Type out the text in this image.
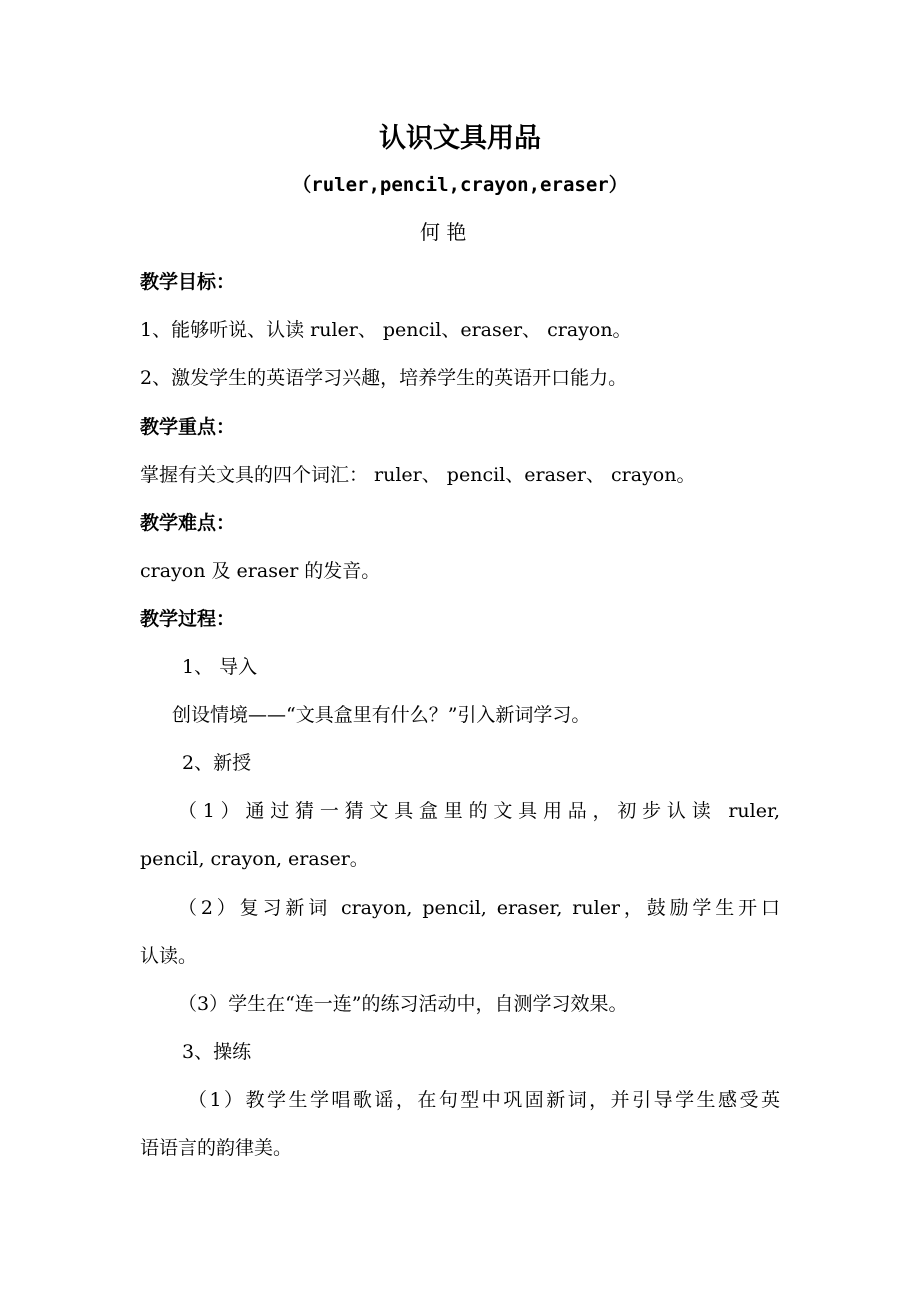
认识文具用品
（ruler,pencil,crayon,eraser）
何 艳
教学目标：
1、能够听说、认读 ruler、 pencil、eraser、 crayon。
2、激发学生的英语学习兴趣，培养学生的英语开口能力。
教学重点：
掌握有关文具的四个词汇： ruler、 pencil、eraser、 crayon。
教学难点：
crayon 及 eraser 的发音。
教学过程：
1、 导入
创设情境——“文具盒里有什么？”引入新词学习。
2、新授
（1）通过猜一猜文具盒里的文具用品，初步认读 ruler,
pencil, crayon, eraser。
（2）复习新词 crayon, pencil, eraser, ruler，鼓励学生开口
认读。
（3）学生在“连一连”的练习活动中，自测学习效果。
3、操练
（1）教学生学唱歌谣，在句型中巩固新词，并引导学生感受英
语语言的韵律美。
